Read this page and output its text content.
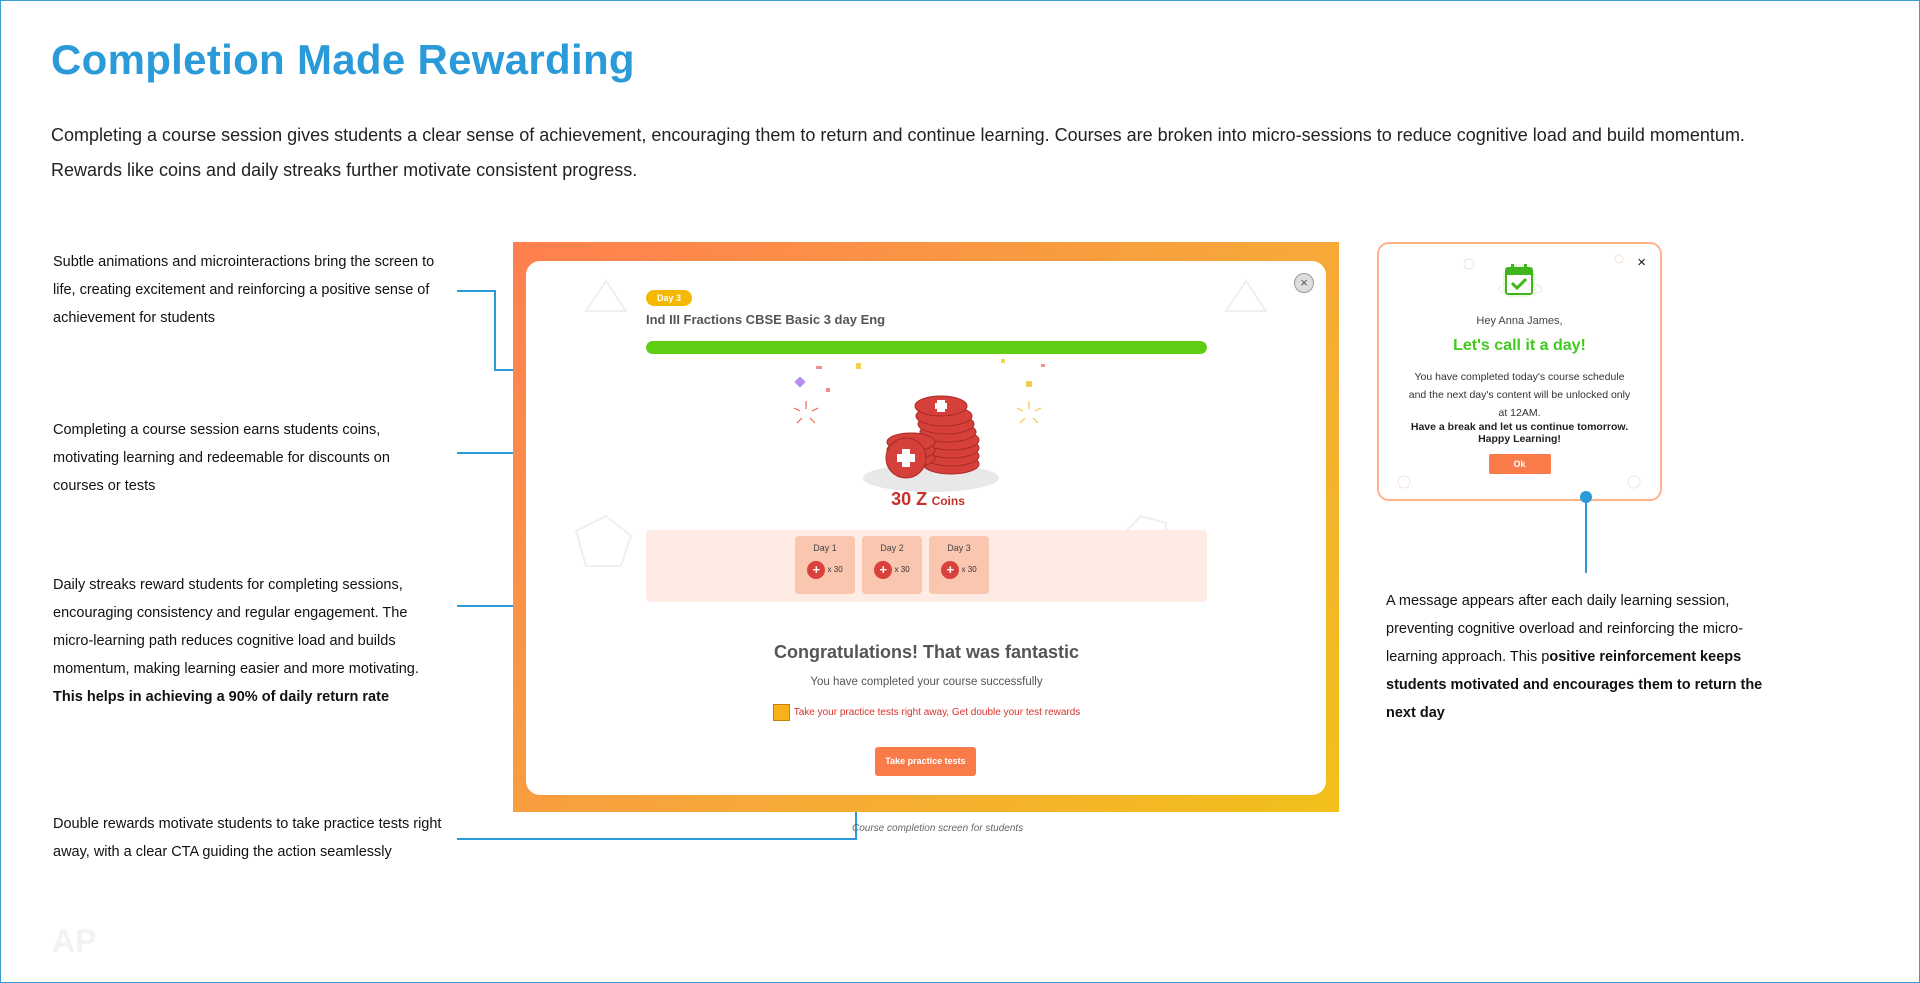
Completion Made Rewarding

Completing a course session gives students a clear sense of achievement, encouraging them to return and continue learning. Courses are broken into micro-sessions to reduce cognitive load and build momentum.

Rewards like coins and daily streaks further motivate consistent progress.

Subtle animations and microinteractions bring the screen to life, creating excitement and reinforcing a positive sense of achievement for students
Completing a course session earns students coins, motivating learning and redeemable for discounts on courses or tests
Daily streaks reward students for completing sessions, encouraging consistency and regular engagement. The micro-learning path reduces cognitive load and builds momentum, making learning easier and more motivating. This helps in achieving a 90% of daily return rate
Double rewards motivate students to take practice tests right away, with a clear CTA guiding the action seamlessly
×
Day 3
Ind III Fractions CBSE Basic 3 day Eng
30 Z Coins
Day 1
+ x 30
Day 2
+ x 30
Day 3
+ x 30
Congratulations! That was fantastic
You have completed your course successfully
Take your practice tests right away, Get double your test rewards
Take practice tests
Course completion screen for students
×
Hey Anna James,
Let's call it a day!
You have completed today's course schedule and the next day's content will be unlocked only at 12AM.
Have a break and let us continue tomorrow. Happy Learning!
Ok
A message appears after each daily learning session, preventing cognitive overload and reinforcing the micro-learning approach. This positive reinforcement keeps students motivated and encourages them to return the next day
AP
